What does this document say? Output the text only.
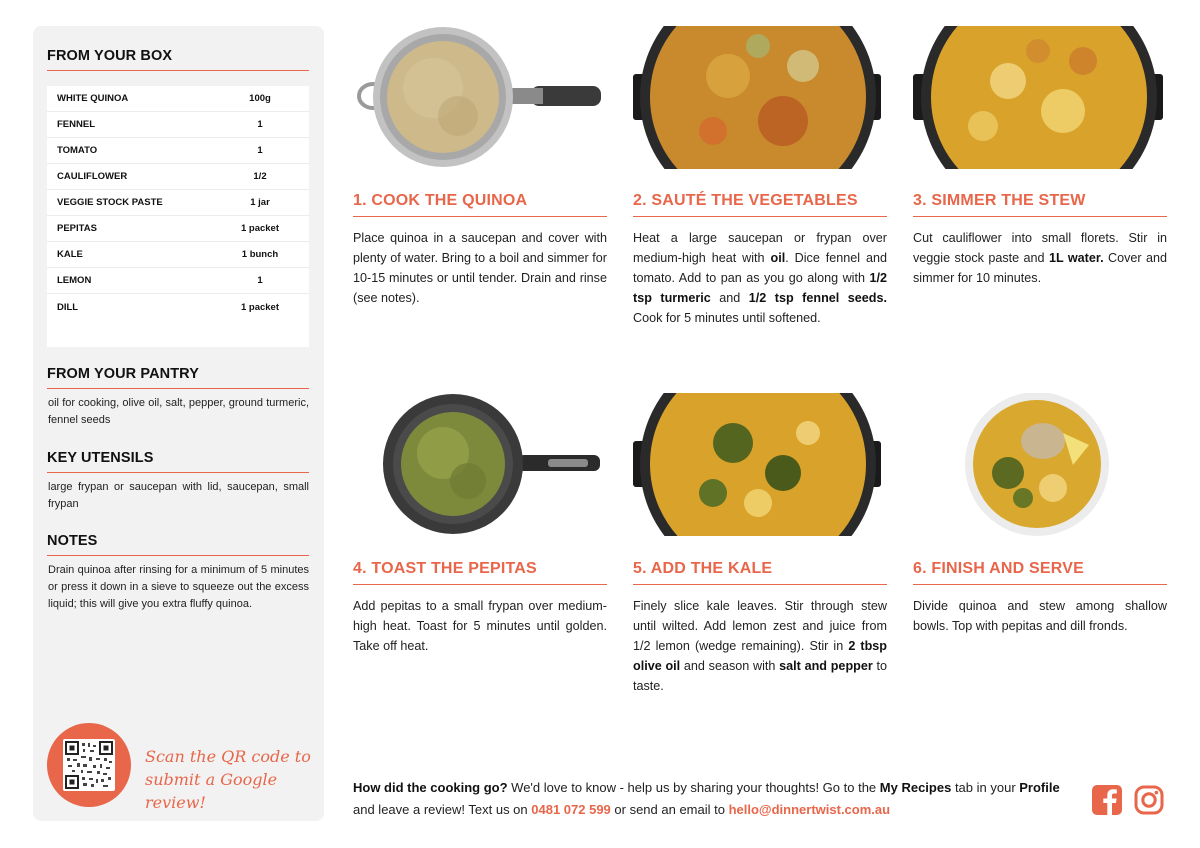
FROM YOUR BOX
WHITE QUINOA	100g
FENNEL	1
TOMATO	1
CAULIFLOWER	1/2
VEGGIE STOCK PASTE	1 jar
PEPITAS	1 packet
KALE	1 bunch
LEMON	1
DILL	1 packet
FROM YOUR PANTRY
oil for cooking, olive oil, salt, pepper, ground turmeric, fennel seeds
KEY UTENSILS
large frypan or saucepan with lid, saucepan, small frypan
NOTES
Drain quinoa after rinsing for a minimum of 5 minutes or press it down in a sieve to squeeze out the excess liquid; this will give you extra fluffy quinoa.
Scan the QR code to
submit a Google review!
1. COOK THE QUINOA	2. SAUTÉ THE VEGETABLES	3. SIMMER THE STEW
4. TOAST THE PEPITAS	5. ADD THE KALE	6. FINISH AND SERVE
Place quinoa in a saucepan and cover with plenty of water. Bring to a boil and simmer for 10-15 minutes or until tender. Drain and rinse (see notes).
Heat a large saucepan or frypan over medium-high heat with oil. Dice fennel and tomato. Add to pan as you go along with 1/2 tsp turmeric and 1/2 tsp fennel seeds. Cook for 5 minutes until softened.
Cut cauliflower into small florets. Stir in veggie stock paste and 1L water. Cover and simmer for 10 minutes.
Add pepitas to a small frypan over medium-high heat. Toast for 5 minutes until golden. Take off heat.
Finely slice kale leaves. Stir through stew until wilted. Add lemon zest and juice from 1/2 lemon (wedge remaining). Stir in 2 tbsp olive oil and season with salt and pepper to taste.
Divide quinoa and stew among shallow bowls. Top with pepitas and dill fronds.
How did the cooking go? We'd love to know - help us by sharing your thoughts! Go to the My Recipes tab in your Profile and leave a review! Text us on 0481 072 599 or send an email to hello@dinnertwist.com.au
